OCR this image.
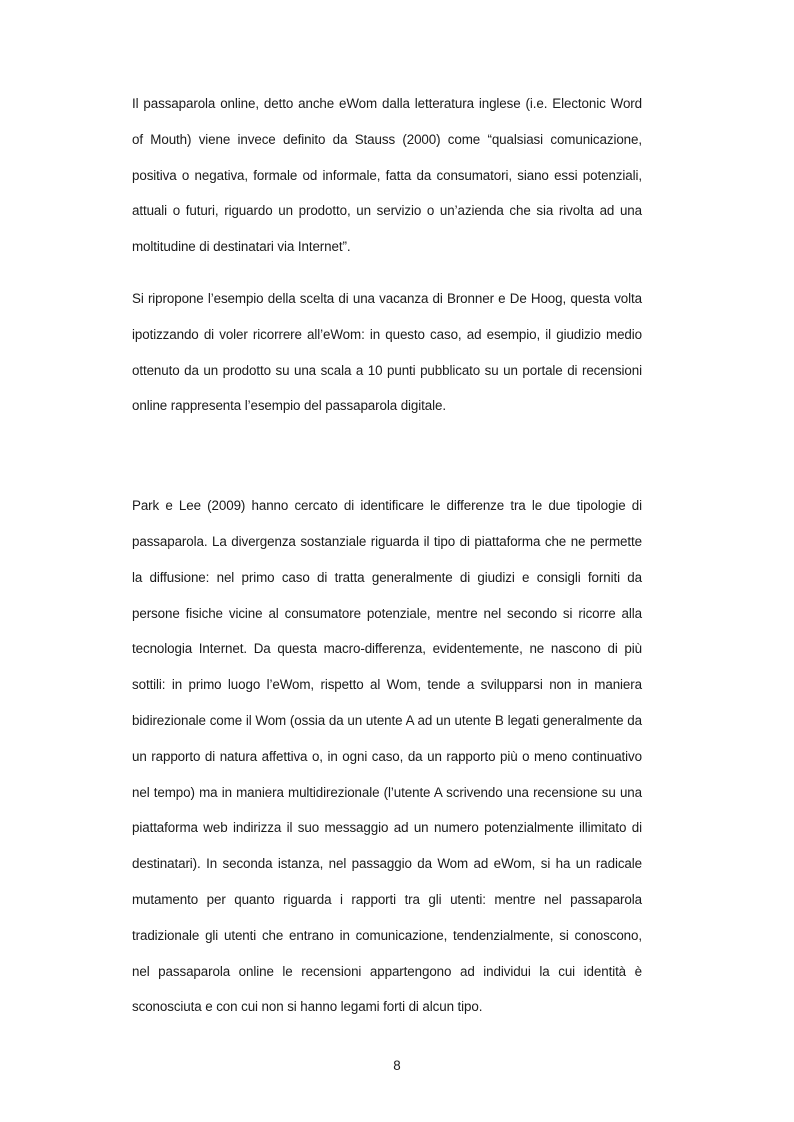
Il passaparola online, detto anche eWom dalla letteratura inglese (i.e. Electonic Word of Mouth) viene invece definito da Stauss (2000) come “qualsiasi comunicazione, positiva o negativa, formale od informale, fatta da consumatori, siano essi potenziali, attuali o futuri, riguardo un prodotto, un servizio o un’azienda che sia rivolta ad una moltitudine di destinatari via Internet”.

Si ripropone l’esempio della scelta di una vacanza di Bronner e De Hoog, questa volta ipotizzando di voler ricorrere all’eWom: in questo caso, ad esempio, il giudizio medio ottenuto da un prodotto su una scala a 10 punti pubblicato su un portale di recensioni online rappresenta l’esempio del passaparola digitale.

Park e Lee (2009) hanno cercato di identificare le differenze tra le due tipologie di passaparola. La divergenza sostanziale riguarda il tipo di piattaforma che ne permette la diffusione: nel primo caso di tratta generalmente di giudizi e consigli forniti da persone fisiche vicine al consumatore potenziale, mentre nel secondo si ricorre alla tecnologia Internet. Da questa macro-differenza, evidentemente, ne nascono di più sottili: in primo luogo l’eWom, rispetto al Wom, tende a svilupparsi non in maniera bidirezionale come il Wom (ossia da un utente A ad un utente B legati generalmente da un rapporto di natura affettiva o, in ogni caso, da un rapporto più o meno continuativo nel tempo) ma in maniera multidirezionale (l’utente A scrivendo una recensione su una piattaforma web indirizza il suo messaggio ad un numero potenzialmente illimitato di destinatari). In seconda istanza, nel passaggio da Wom ad eWom, si ha un radicale mutamento per quanto riguarda i rapporti tra gli utenti: mentre nel passaparola tradizionale gli utenti che entrano in comunicazione, tendenzialmente, si conoscono, nel passaparola online le recensioni appartengono ad individui la cui identità è sconosciuta e con cui non si hanno legami forti di alcun tipo.

8
